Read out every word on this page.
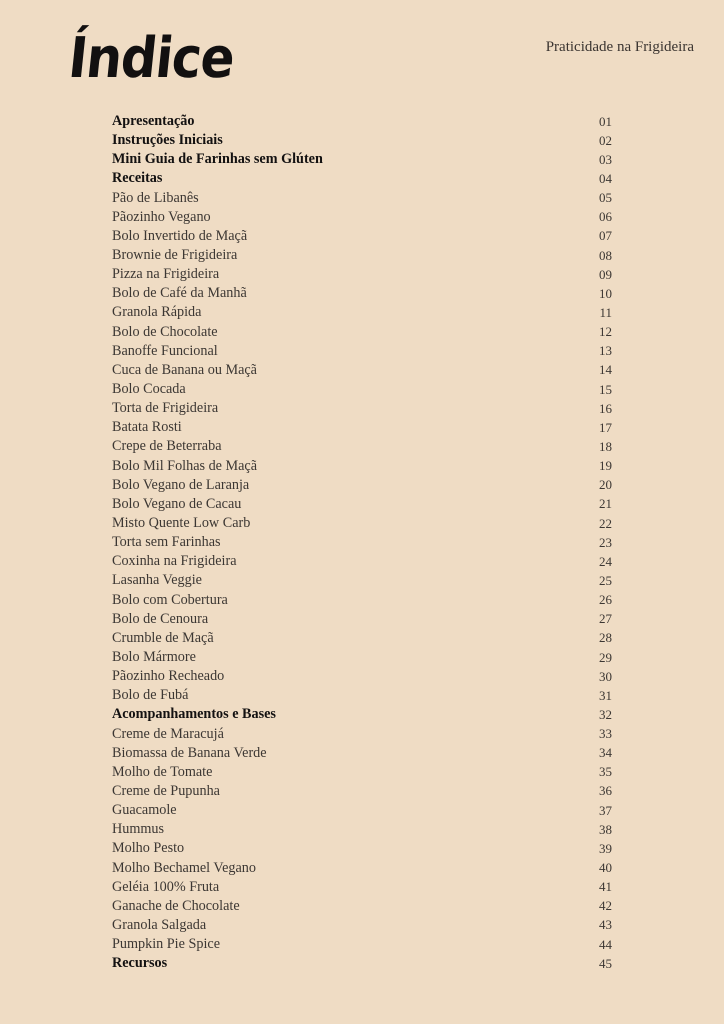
Índice	Praticidade na Frigideira
Apresentação	01
Instruções Iniciais	02
Mini Guia de Farinhas sem Glúten	03
Receitas	04
Pão de Libanês	05
Pãozinho Vegano	06
Bolo Invertido de Maçã	07
Brownie de Frigideira	08
Pizza na Frigideira	09
Bolo de Café da Manhã	10
Granola Rápida	11
Bolo de Chocolate	12
Banoffe Funcional	13
Cuca de Banana ou Maçã	14
Bolo Cocada	15
Torta de Frigideira	16
Batata Rosti	17
Crepe de Beterraba	18
Bolo Mil Folhas de Maçã	19
Bolo Vegano de Laranja	20
Bolo Vegano de Cacau	21
Misto Quente Low Carb	22
Torta sem Farinhas	23
Coxinha na Frigideira	24
Lasanha Veggie	25
Bolo com Cobertura	26
Bolo de Cenoura	27
Crumble de Maçã	28
Bolo Mármore	29
Pãozinho Recheado	30
Bolo de Fubá	31
Acompanhamentos e Bases	32
Creme de Maracujá	33
Biomassa de Banana Verde	34
Molho de Tomate	35
Creme de Pupunha	36
Guacamole	37
Hummus	38
Molho Pesto	39
Molho Bechamel Vegano	40
Geléia 100% Fruta	41
Ganache de Chocolate	42
Granola Salgada	43
Pumpkin Pie Spice	44
Recursos	45
